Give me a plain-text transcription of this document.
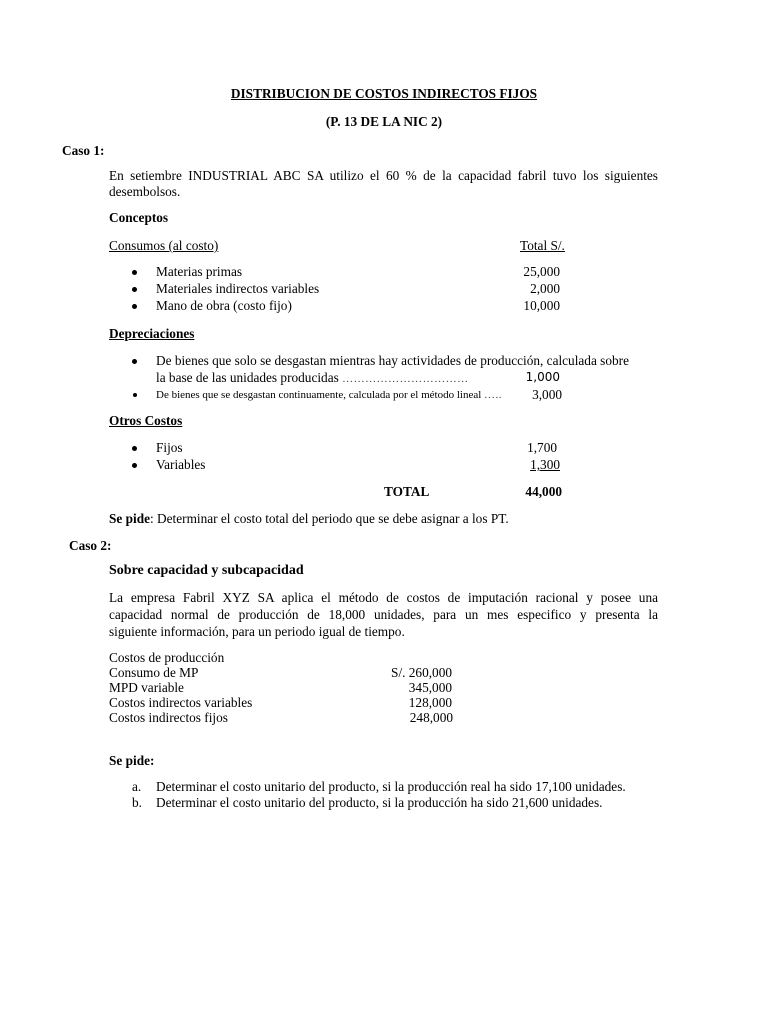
DISTRIBUCION DE COSTOS INDIRECTOS FIJOS
(P. 13 DE LA NIC 2)
Caso 1:
En setiembre INDUSTRIAL ABC SA utilizo el 60 % de la capacidad fabril tuvo los siguientes
desembolsos.
Conceptos
Consumos (al costo)	Total S/.
Materias primas	25,000
Materiales indirectos variables	2,000
Mano de obra (costo fijo)	10,000
Depreciaciones
De bienes que solo se desgastan mientras hay actividades de producción, calculada sobre
la base de las unidades producidas ……………………………	1,000
De bienes que se desgastan continuamente, calculada por el método lineal …..	3,000
Otros Costos
Fijos	1,700
Variables	1,300
TOTAL	44,000
Se pide: Determinar el costo total del periodo que se debe asignar a los PT.
Caso 2:
Sobre capacidad y subcapacidad
La empresa Fabril XYZ SA aplica el método de costos de imputación racional y posee una
capacidad normal de producción de 18,000 unidades, para un mes especifico y presenta la
siguiente información, para un periodo igual de tiempo.
Costos de producción
Consumo de MP	S/. 260,000
MPD variable	345,000
Costos indirectos variables	128,000
Costos indirectos fijos	248,000
Se pide:
a. Determinar el costo unitario del producto, si la producción real ha sido 17,100 unidades.
b. Determinar el costo unitario del producto, si la producción ha sido 21,600 unidades.
